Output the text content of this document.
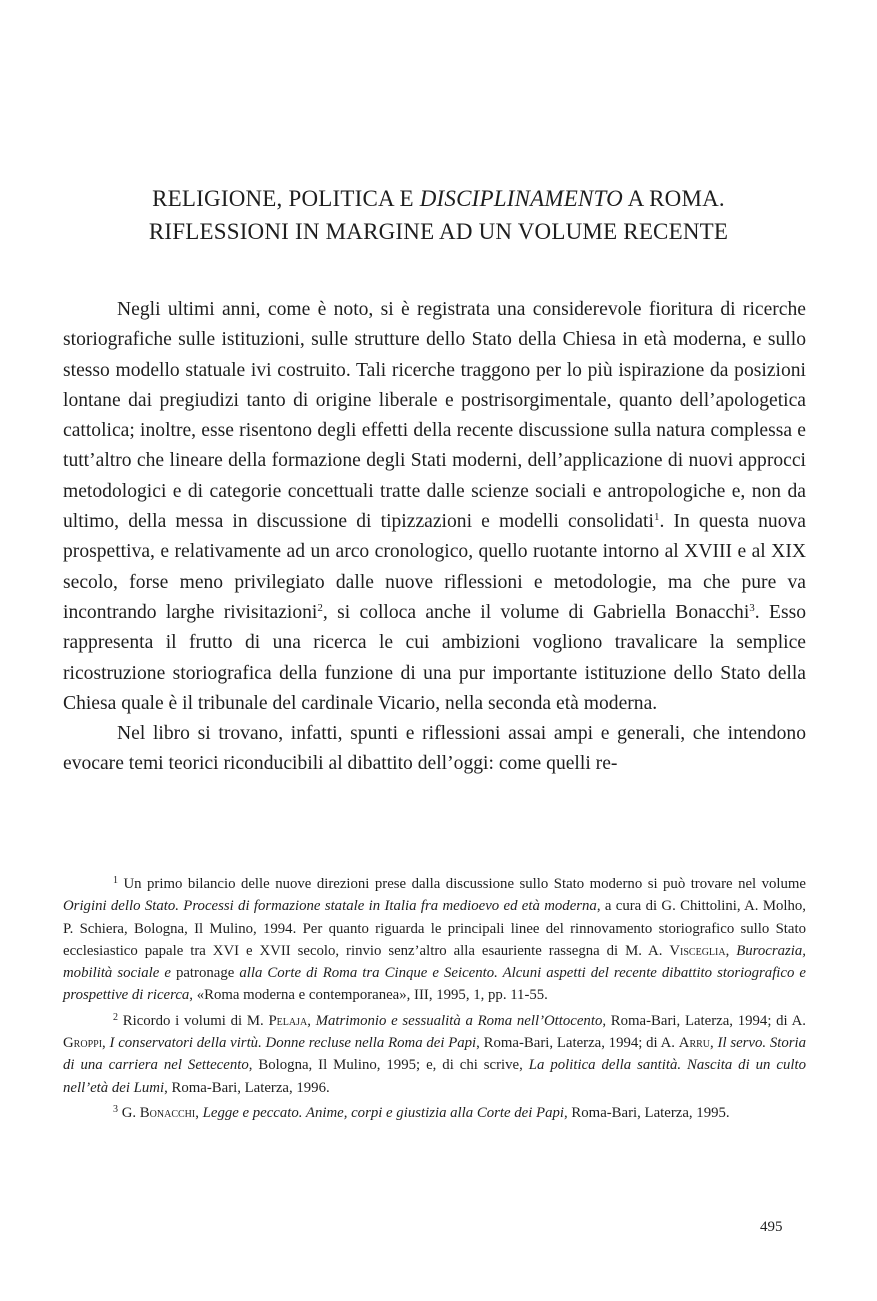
RELIGIONE, POLITICA E DISCIPLINAMENTO A ROMA.
RIFLESSIONI IN MARGINE AD UN VOLUME RECENTE

Negli ultimi anni, come è noto, si è registrata una considerevole fioritura di ricerche storiografiche sulle istituzioni, sulle strutture dello Stato della Chiesa in età moderna, e sullo stesso modello statuale ivi costruito. Tali ricerche traggono per lo più ispirazione da posizioni lontane dai pregiudizi tanto di origine liberale e postrisorgimentale, quanto dell’apologetica cattolica; inoltre, esse risentono degli effetti della recente discussione sulla natura complessa e tutt’altro che lineare della formazione degli Stati moderni, dell’applicazione di nuovi approcci metodologici e di categorie concettuali tratte dalle scienze sociali e antropologiche e, non da ultimo, della messa in discussione di tipizzazioni e modelli consolidati$^1$. In questa nuova prospettiva, e relativamente ad un arco cronologico, quello ruotante intorno al XVIII e al XIX secolo, forse meno privilegiato dalle nuove riflessioni e metodologie, ma che pure va incontrando larghe rivisitazioni$^2$, si colloca anche il volume di Gabriella Bonacchi$^3$. Esso rappresenta il frutto di una ricerca le cui ambizioni vogliono travalicare la semplice ricostruzione storiografica della funzione di una pur importante istituzione dello Stato della Chiesa quale è il tribunale del cardinale Vicario, nella seconda età moderna.

Nel libro si trovano, infatti, spunti e riflessioni assai ampi e generali, che intendono evocare temi teorici riconducibili al dibattito dell’oggi: come quelli re-

$^1$ Un primo bilancio delle nuove direzioni prese dalla discussione sullo Stato moderno si può trovare nel volume Origini dello Stato. Processi di formazione statale in Italia fra medioevo ed età moderna, a cura di G. Chittolini, A. Molho, P. Schiera, Bologna, Il Mulino, 1994. Per quanto riguarda le principali linee del rinnovamento storiografico sullo Stato ecclesiastico papale tra XVI e XVII secolo, rinvio senz’altro alla esauriente rassegna di M. A. Visceglia, Burocrazia, mobilità sociale e patronage alla Corte di Roma tra Cinque e Seicento. Alcuni aspetti del recente dibattito storiografico e prospettive di ricerca, «Roma moderna e contemporanea», III, 1995, 1, pp. 11-55.

$^2$ Ricordo i volumi di M. Pelaja, Matrimonio e sessualità a Roma nell’Ottocento, Roma-Bari, Laterza, 1994; di A. Groppi, I conservatori della virtù. Donne recluse nella Roma dei Papi, Roma-Bari, Laterza, 1994; di A. Arru, Il servo. Storia di una carriera nel Settecento, Bologna, Il Mulino, 1995; e, di chi scrive, La politica della santità. Nascita di un culto nell’età dei Lumi, Roma-Bari, Laterza, 1996.

$^3$ G. Bonacchi, Legge e peccato. Anime, corpi e giustizia alla Corte dei Papi, Roma-Bari, Laterza, 1995.

495
